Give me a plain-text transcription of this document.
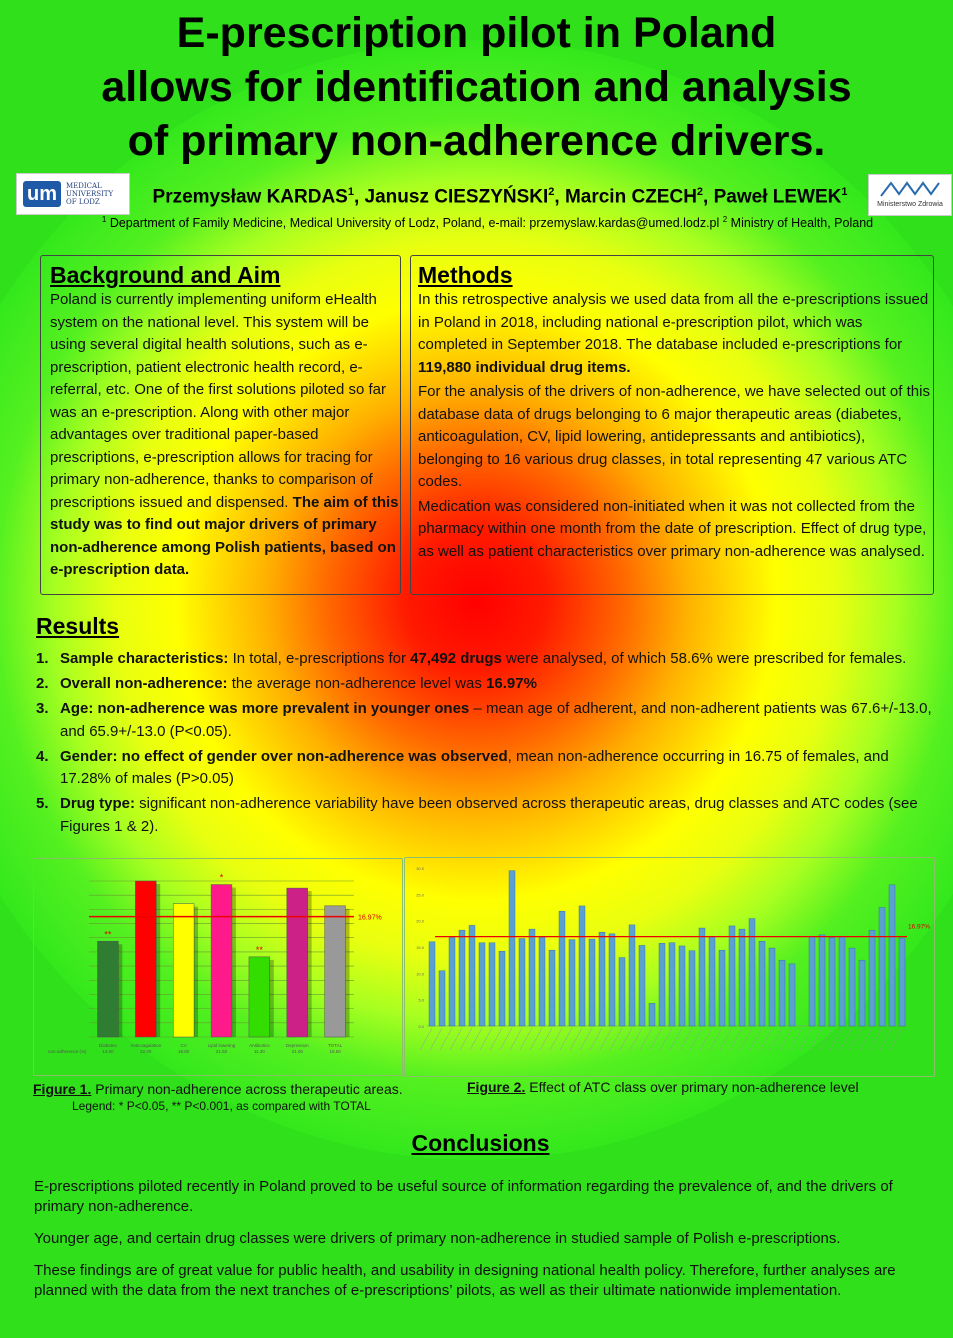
E-prescription pilot in Poland
allows for identification and analysis
of primary non-adherence drivers.
um	MEDICAL
UNIVERSITY
OF LODZ	Ministerstwo Zdrowia
Przemysław KARDAS$^1$, Janusz CIESZYŃSKI$^2$, Marcin CZECH$^2$, Paweł LEWEK$^1$
$^1$ Department of Family Medicine, Medical University of Lodz, Poland, e-mail: przemyslaw.kardas@umed.lodz.pl $^2$ Ministry of Health, Poland
Background and Aim

Poland is currently implementing uniform eHealth system on the national level. This system will be using several digital health solutions, such as e-prescription, patient electronic health record, e-referral, etc. One of the first solutions piloted so far was an e-prescription. Along with other major advantages over traditional paper-based prescriptions, e-prescription allows for tracing for primary non-adherence, thanks to comparison of prescriptions issued and dispensed. The aim of this study was to find out major drivers of primary non-adherence among Polish patients, based on e-prescription data.

Methods

In this retrospective analysis we used data from all the e-prescriptions issued in Poland in 2018, including national e-prescription pilot, which was completed in September 2018. The database included e-prescriptions for 119,880 individual drug items.

For the analysis of the drivers of non-adherence, we have selected out of this database data of drugs belonging to 6 major therapeutic areas (diabetes, anticoagulation, CV, lipid lowering, antidepressants and antibiotics), belonging to 16 various drug classes, in total representing 47 various ATC codes.

Medication was considered non-initiated when it was not collected from the pharmacy within one month from the date of prescription. Effect of drug type, as well as patient characteristics over primary non-adherence was analysed.

Results
1. Sample characteristics: In total, e-prescriptions for 47,492 drugs were analysed, of which 58.6% were prescribed for females.
2. Overall non-adherence: the average non-adherence level was 16.97%
3. Age: non-adherence was more prevalent in younger ones – mean age of adherent, and non-adherent patients was 67.6+/-13.0, and 65.9+/-13.0 (P<0.05).
4. Gender: no effect of gender over non-adherence was observed, mean non-adherence occurring in 16.75 of females, and 17.28% of males (P>0.05)
5. Drug type: significant non-adherence variability have been observed across therapeutic areas, drug classes and ATC codes (see Figures 1 & 2).
**
Diabetes
13.50
Anticoagulation
22.00
CV
18.80
*
Lipid lowering
21.50
**
Antibiotics
11.30
Depression
21.00
TOTAL
18.50
non-adherence (%)
16.97%
Figure 1. Primary non-adherence across therapeutic areas.
Legend: * P<0.05, ** P<0.001, as compared with TOTAL
0.0
5.0
10.0
15.0
20.0
25.0
30.0
16.97%
Figure 2. Effect of ATC class over primary non-adherence level
Conclusions

E-prescriptions piloted recently in Poland proved to be useful source of information regarding the prevalence of, and the drivers of primary non-adherence.

Younger age, and certain drug classes were drivers of primary non-adherence in studied sample of Polish e-prescriptions.

These findings are of great value for public health, and usability in designing national health policy. Therefore, further analyses are planned with the data from the next tranches of e-prescriptions’ pilots, as well as their ultimate nationwide implementation.
